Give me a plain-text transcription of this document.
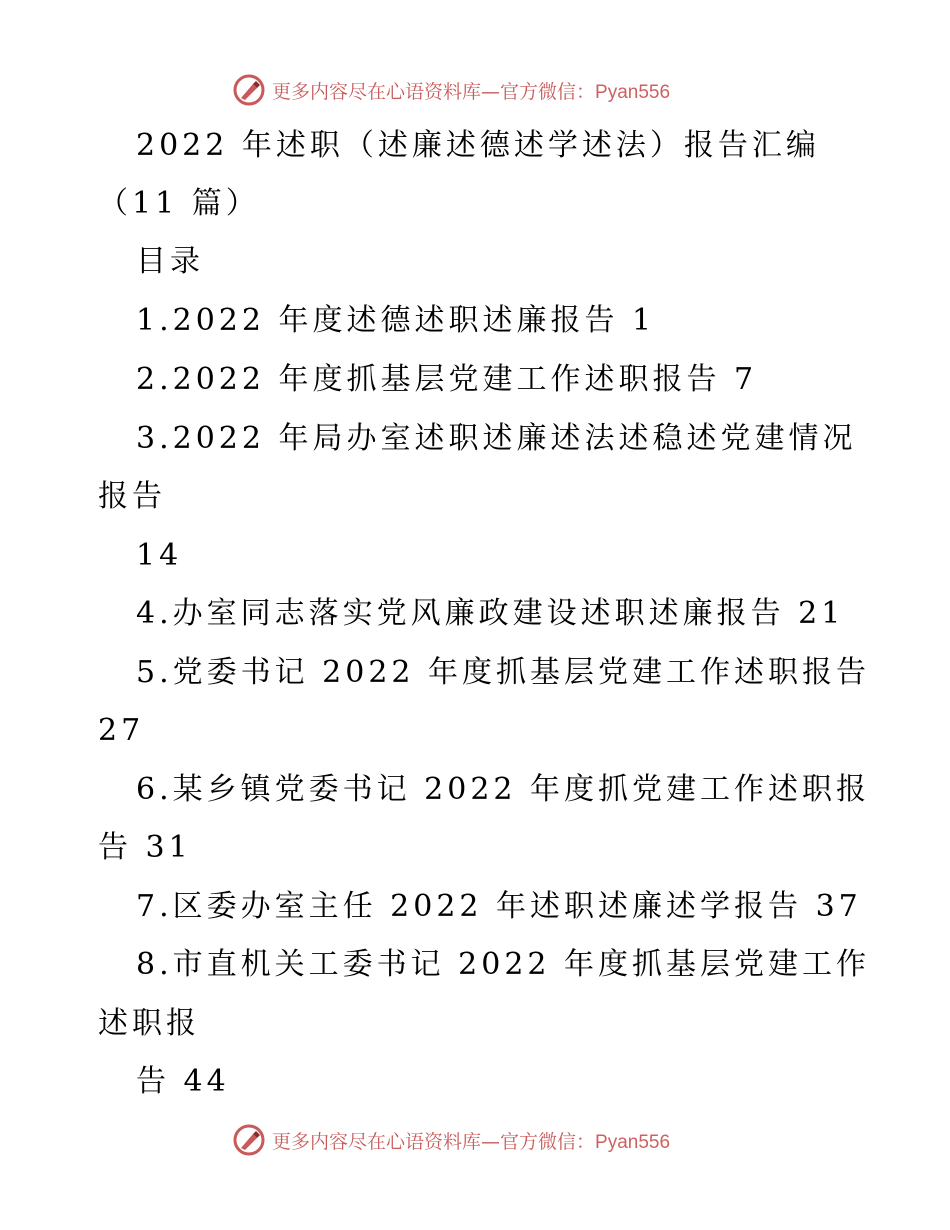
更多内容尽在心语资料库—官方微信：Pyan556
2022 年述职（述廉述德述学述法）报告汇编
（11 篇）
目录
1.2022 年度述德述职述廉报告 1
2.2022 年度抓基层党建工作述职报告 7
3.2022 年局办室述职述廉述法述稳述党建情况
报告
14
4.办室同志落实党风廉政建设述职述廉报告 21
5.党委书记 2022 年度抓基层党建工作述职报告
27
6.某乡镇党委书记 2022 年度抓党建工作述职报
告 31
7.区委办室主任 2022 年述职述廉述学报告 37
8.市直机关工委书记 2022 年度抓基层党建工作
述职报
告 44
更多内容尽在心语资料库—官方微信：Pyan556
